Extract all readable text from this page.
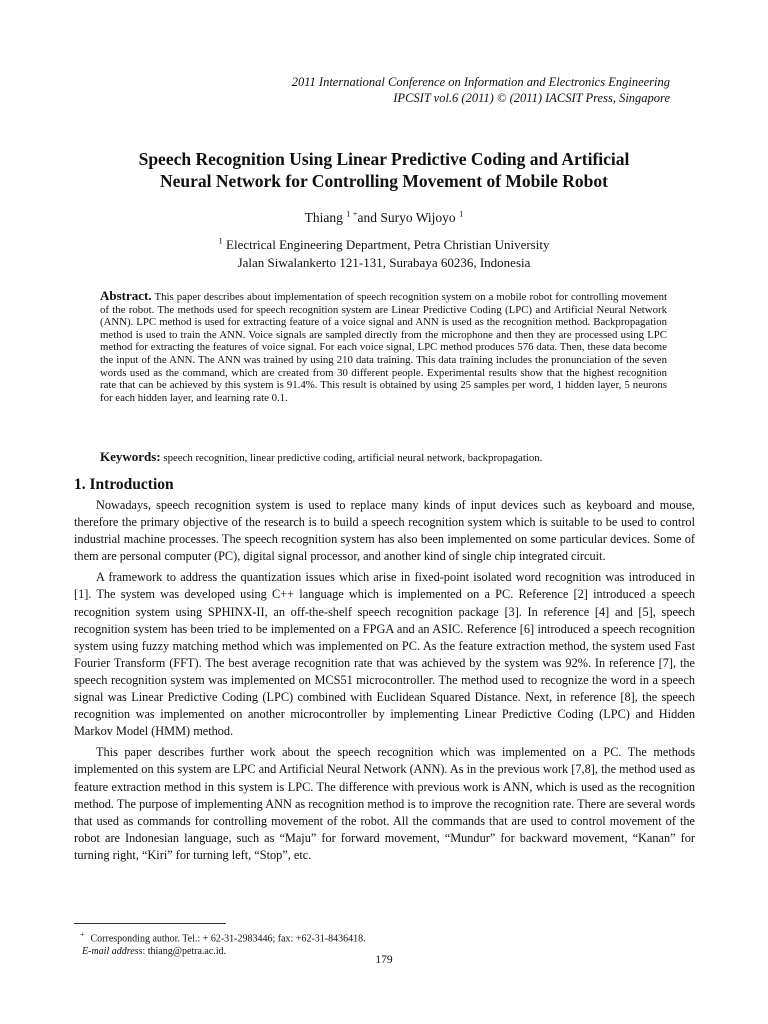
2011 International Conference on Information and Electronics Engineering
IPCSIT vol.6 (2011) © (2011) IACSIT Press, Singapore
Speech Recognition Using Linear Predictive Coding and Artificial
Neural Network for Controlling Movement of Mobile Robot
Thiang $^{1 +}$and Suryo Wijoyo $^1$
$^1$ Electrical Engineering Department, Petra Christian University
Jalan Siwalankerto 121-131, Surabaya 60236, Indonesia
Abstract. This paper describes about implementation of speech recognition system on a mobile robot for controlling movement of the robot. The methods used for speech recognition system are Linear Predictive Coding (LPC) and Artificial Neural Network (ANN). LPC method is used for extracting feature of a voice signal and ANN is used as the recognition method. Backpropagation method is used to train the ANN. Voice signals are sampled directly from the microphone and then they are processed using LPC method for extracting the features of voice signal. For each voice signal, LPC method produces 576 data. Then, these data become the input of the ANN. The ANN was trained by using 210 data training. This data training includes the pronunciation of the seven words used as the command, which are created from 30 different people. Experimental results show that the highest recognition rate that can be achieved by this system is 91.4%. This result is obtained by using 25 samples per word, 1 hidden layer, 5 neurons for each hidden layer, and learning rate 0.1.
Keywords: speech recognition, linear predictive coding, artificial neural network, backpropagation.
1. Introduction

Nowadays, speech recognition system is used to replace many kinds of input devices such as keyboard and mouse, therefore the primary objective of the research is to build a speech recognition system which is suitable to be used to control industrial machine processes. The speech recognition system has also been implemented on some particular devices. Some of them are personal computer (PC), digital signal processor, and another kind of single chip integrated circuit.

A framework to address the quantization issues which arise in fixed-point isolated word recognition was introduced in [1]. The system was developed using C++ language which is implemented on a PC. Reference [2] introduced a speech recognition system using SPHINX-II, an off-the-shelf speech recognition package [3]. In reference [4] and [5], speech recognition system has been tried to be implemented on a FPGA and an ASIC. Reference [6] introduced a speech recognition system using fuzzy matching method which was implemented on PC. As the feature extraction method, the system used Fast Fourier Transform (FFT). The best average recognition rate that was achieved by the system was 92%. In reference [7], the speech recognition system was implemented on MCS51 microcontroller. The method used to recognize the word in a speech signal was Linear Predictive Coding (LPC) combined with Euclidean Squared Distance. Next, in reference [8], the speech recognition was implemented on another microcontroller by implementing Linear Predictive Coding (LPC) and Hidden Markov Model (HMM) method.

This paper describes further work about the speech recognition which was implemented on a PC. The methods implemented on this system are LPC and Artificial Neural Network (ANN). As in the previous work [7,8], the method used as feature extraction method in this system is LPC. The difference with previous work is ANN, which is used as the recognition method. The purpose of implementing ANN as recognition method is to improve the recognition rate. There are several words that used as commands for controlling movement of the robot. All the commands that are used to control movement of the robot are Indonesian language, such as “Maju” for forward movement, “Mundur” for backward movement, “Kanan” for turning right, “Kiri” for turning left, “Stop”, etc.

+ Corresponding author. Tel.: + 62-31-2983446; fax: +62-31-8436418.
E-mail address: thiang@petra.ac.id.
179
